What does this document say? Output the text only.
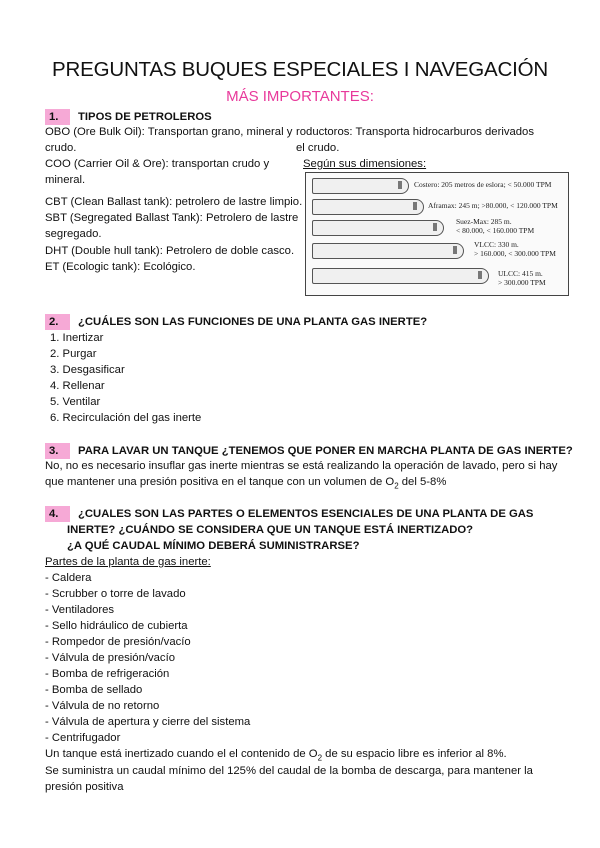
PREGUNTAS BUQUES ESPECIALES I NAVEGACIÓN
MÁS IMPORTANTES:
1. TIPOS DE PETROLEROS
OBO (Ore Bulk Oil): Transportan grano, mineral y
crudo.
COO (Carrier Oil & Ore): transportan crudo y
mineral.
CBT (Clean Ballast tank): petrolero de lastre limpio.
SBT (Segregated Ballast Tank): Petrolero de lastre
segregado.
DHT (Double hull tank): Petrolero de doble casco.
ET (Ecologic tank): Ecológico.
roductoros: Transporta hidrocarburos derivados
el crudo.
Según sus dimensiones:
Costero: 205 metros de eslora; < 50.000 TPM
Aframax: 245 m; >80.000, < 120.000 TPM
Suez-Max: 285 m.
< 80.000, < 160.000 TPM
VLCC: 330 m.
> 160.000, < 300.000 TPM
ULCC: 415 m.
> 300.000 TPM
2. ¿CUÁLES SON LAS FUNCIONES DE UNA PLANTA GAS INERTE?
1. Inertizar
2. Purgar
3. Desgasificar
4. Rellenar
5. Ventilar
6. Recirculación del gas inerte
3. PARA LAVAR UN TANQUE ¿TENEMOS QUE PONER EN MARCHA PLANTA DE GAS INERTE?
No, no es necesario insuflar gas inerte mientras se está realizando la operación de lavado, pero si hay
que mantener una presión positiva en el tanque con un volumen de $O_2$ del 5-8%
4. ¿CUALES SON LAS PARTES O ELEMENTOS ESENCIALES DE UNA PLANTA DE GAS
INERTE? ¿CUÁNDO SE CONSIDERA QUE UN TANQUE ESTÁ INERTIZADO?
¿A QUÉ CAUDAL MÍNIMO DEBERÁ SUMINISTRARSE?
Partes de la planta de gas inerte:
- Caldera
- Scrubber o torre de lavado
- Ventiladores
- Sello hidráulico de cubierta
- Rompedor de presión/vacío
- Válvula de presión/vacío
- Bomba de refrigeración
- Bomba de sellado
- Válvula de no retorno
- Válvula de apertura y cierre del sistema
- Centrifugador
Un tanque está inertizado cuando el el contenido de $O_2$ de su espacio libre es inferior al 8%.
Se suministra un caudal mínimo del 125% del caudal de la bomba de descarga, para mantener la
presión positiva
